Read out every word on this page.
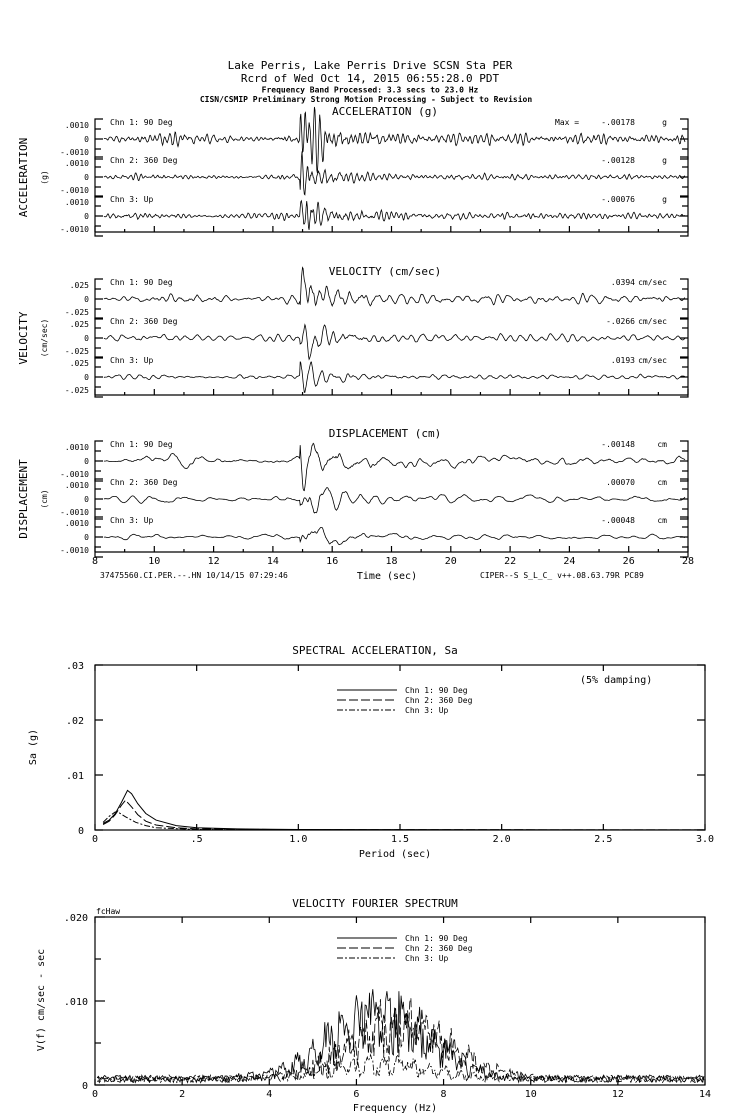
Lake Perris, Lake Perris Drive SCSN Sta PER
Rcrd of Wed Oct 14, 2015 06:55:28.0 PDT
Frequency Band Processed: 3.3 secs to 23.0 Hz
CISN/CSMIP Preliminary Strong Motion Processing - Subject to Revision
ACCELERATION (g)
ACCELERATION (g)
.0010
0
-.0010
Chn 1: 90 Deg	-.00178	g
Max =
.0010
0
-.0010
Chn 2: 360 Deg	-.00128	g
.0010
0
-.0010
Chn 3: Up	-.00076	g
VELOCITY (cm/sec)
VELOCITY (cm/sec)
.025
0
-.025
Chn 1: 90 Deg	.0394 cm/sec
.025
0
-.025
Chn 2: 360 Deg	-.0266 cm/sec
.025
0
-.025
Chn 3: Up	.0193 cm/sec
DISPLACEMENT (cm)
DISPLACEMENT (cm)
.0010
0
-.0010
Chn 1: 90 Deg	-.00148	cm
.0010
0
-.0010
Chn 2: 360 Deg	.00070	cm
.0010
0
-.0010
Chn 3: Up	-.00048	cm
8	10	12	14	16	18	20	22	24	26	28
37475560.CI.PER.--.HN 10/14/15 07:29:46	CIPER--S S_L_C_ v++.08.63.79R PC89
Time (sec)
SPECTRAL ACCELERATION, Sa
0	.5	1.0	1.5	2.0	2.5	3.0
.03
.02
.01
0
Period (sec)
Sa (g)
(5% damping)
Chn 1: 90 Deg
Chn 2: 360 Deg
Chn 3: Up
VELOCITY FOURIER SPECTRUM
fcHaw
0	2	4	6	8	10	12	14
.020
.010
0
Frequency (Hz)
V(f) cm/sec - sec
Chn 1: 90 Deg
Chn 2: 360 Deg
Chn 3: Up
